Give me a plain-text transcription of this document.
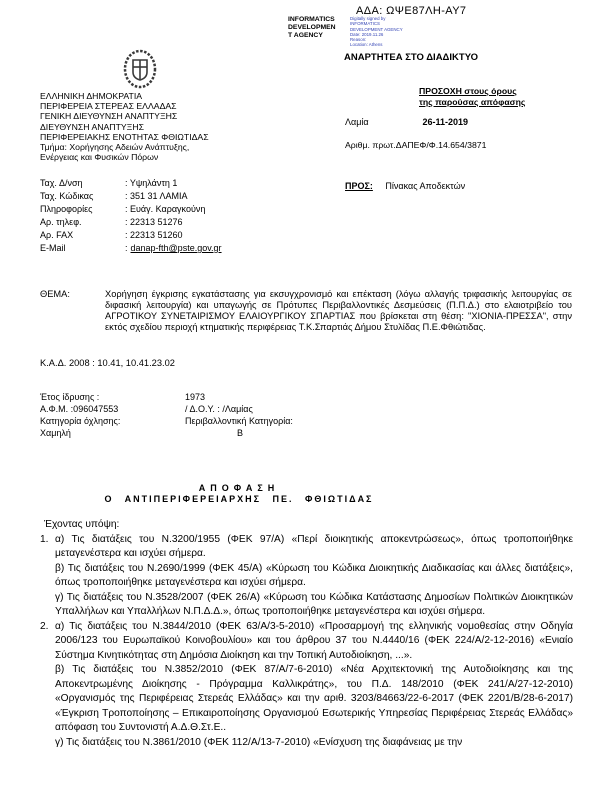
ΑΔΑ: ΩΨΕ87ΛΗ-ΑΥ7
INFORMATICS
DEVELOPMEN
T AGENCY
Digitally signed by
INFORMATICS
DEVELOPMENT AGENCY
Date: 2019.11.26
Reason:
Location: Athens
ΑΝΑΡΤΗΤΕΑ ΣΤΟ ΔΙΑΔΙΚΤΥΟ
ΕΛΛΗΝΙΚΗ ΔΗΜΟΚΡΑΤΙΑ
ΠΕΡΙΦΕΡΕΙΑ ΣΤΕΡΕΑΣ ΕΛΛΑΔΑΣ
ΓΕΝΙΚΗ ΔΙΕΥΘΥΝΣΗ ΑΝΑΠΤΥΞΗΣ
ΔΙΕΥΘΥΝΣΗ ΑΝΑΠΤΥΞΗΣ
ΠΕΡΙΦΕΡΕΙΑΚΗΣ ΕΝΟΤΗΤΑΣ ΦΘΙΩΤΙΔΑΣ
Τμήμα: Χορήγησης Αδειών Ανάπτυξης,
Ενέργειας και Φυσικών Πόρων
ΠΡΟΣΟΧΗ στους όρους
της παρούσας απόφασης
Λαμία	26-11-2019
Αριθμ. πρωτ.ΔΑΠΕΦ/Φ.14.654/3871
Ταχ. Δ/νση	: Υψηλάντη 1
Ταχ. Κώδικας	: 351 31 ΛΑΜΙΑ
Πληροφορίες	: Ευάγ. Καραγκούνη
Αρ. τηλεφ.	: 22313 51276
Αρ. FAX	: 22313 51260
E-Mail	: danap-fth@pste.gov.gr
ΠΡΟΣ: Πίνακας Αποδεκτών
ΘΕΜΑ:	Χορήγηση έγκρισης εγκατάστασης για εκσυγχρονισμό και επέκταση (λόγω αλλαγής τριφασικής λειτουργίας σε διφασική λειτουργία) και υπαγωγής σε Πρότυπες Περιβαλλοντικές Δεσμεύσεις (Π.Π.Δ.) στο ελαιοτριβείο του ΑΓΡΟΤΙΚΟΥ ΣΥΝΕΤΑΙΡΙΣΜΟΥ ΕΛΑΙΟΥΡΓΙΚΟΥ ΣΠΑΡΤΙΑΣ που βρίσκεται στη θέση: "ΧΙΟΝΙΑ-ΠΡΕΣΣΑ", στην εκτός σχεδίου περιοχή κτηματικής περιφέρειας Τ.Κ.Σπαρτιάς Δήμου Στυλίδας Π.Ε.Φθιώτιδας.
Κ.Α.Δ. 2008 : 10.41, 10.41.23.02
Έτος ίδρυσης :	1973
Α.Φ.Μ. :096047553	/ Δ.Ο.Υ. : /Λαμίας
Κατηγορία όχλησης:	Περιβαλλοντική Κατηγορία:
Χαμηλή	Β
ΑΠΟΦΑΣΗ
Ο ΑΝΤΙΠΕΡΙΦΕΡΕΙΑΡΧΗΣ ΠΕ. ΦΘΙΩΤΙΔΑΣ
Έχοντας υπόψη:
1. α) Τις διατάξεις του Ν.3200/1955 (ΦΕΚ 97/Α) «Περί διοικητικής αποκεντρώσεως», όπως τροποποιήθηκε μεταγενέστερα και ισχύει σήμερα.

β) Τις διατάξεις του Ν.2690/1999 (ΦΕΚ 45/Α) «Κύρωση του Κώδικα Διοικητικής Διαδικασίας και άλλες διατάξεις», όπως τροποποιήθηκε μεταγενέστερα και ισχύει σήμερα.

γ) Τις διατάξεις του Ν.3528/2007 (ΦΕΚ 26/Α) «Κύρωση του Κώδικα Κατάστασης Δημοσίων Πολιτικών Διοικητικών Υπαλλήλων και Υπαλλήλων Ν.Π.Δ.Δ.», όπως τροποποιήθηκε μεταγενέστερα και ισχύει σήμερα.

2. α) Τις διατάξεις του Ν.3844/2010 (ΦΕΚ 63/Α/3-5-2010) «Προσαρμογή της ελληνικής νομοθεσίας στην Οδηγία 2006/123 του Ευρωπαϊκού Κοινοβουλίου» και του άρθρου 37 του Ν.4440/16 (ΦΕΚ 224/Α/2-12-2016) «Ενιαίο Σύστημα Κινητικότητας στη Δημόσια Διοίκηση και την Τοπική Αυτοδιοίκηση, ...».

β) Τις διατάξεις του Ν.3852/2010 (ΦΕΚ 87/Α/7-6-2010) «Νέα Αρχιτεκτονική της Αυτοδιοίκησης και της Αποκεντρωμένης Διοίκησης - Πρόγραμμα Καλλικράτης», του Π.Δ. 148/2010 (ΦΕΚ 241/Α/27-12-2010) «Οργανισμός της Περιφέρειας Στερεάς Ελλάδας» και την αριθ. 3203/84663/22-6-2017 (ΦΕΚ 2201/Β/28-6-2017) «Έγκριση Τροποποίησης – Επικαιροποίησης Οργανισμού Εσωτερικής Υπηρεσίας Περιφέρειας Στερεάς Ελλάδας» απόφαση του Συντονιστή Α.Δ.Θ.Στ.Ε..

γ) Τις διατάξεις του Ν.3861/2010 (ΦΕΚ 112/Α/13-7-2010) «Ενίσχυση της διαφάνειας με την
